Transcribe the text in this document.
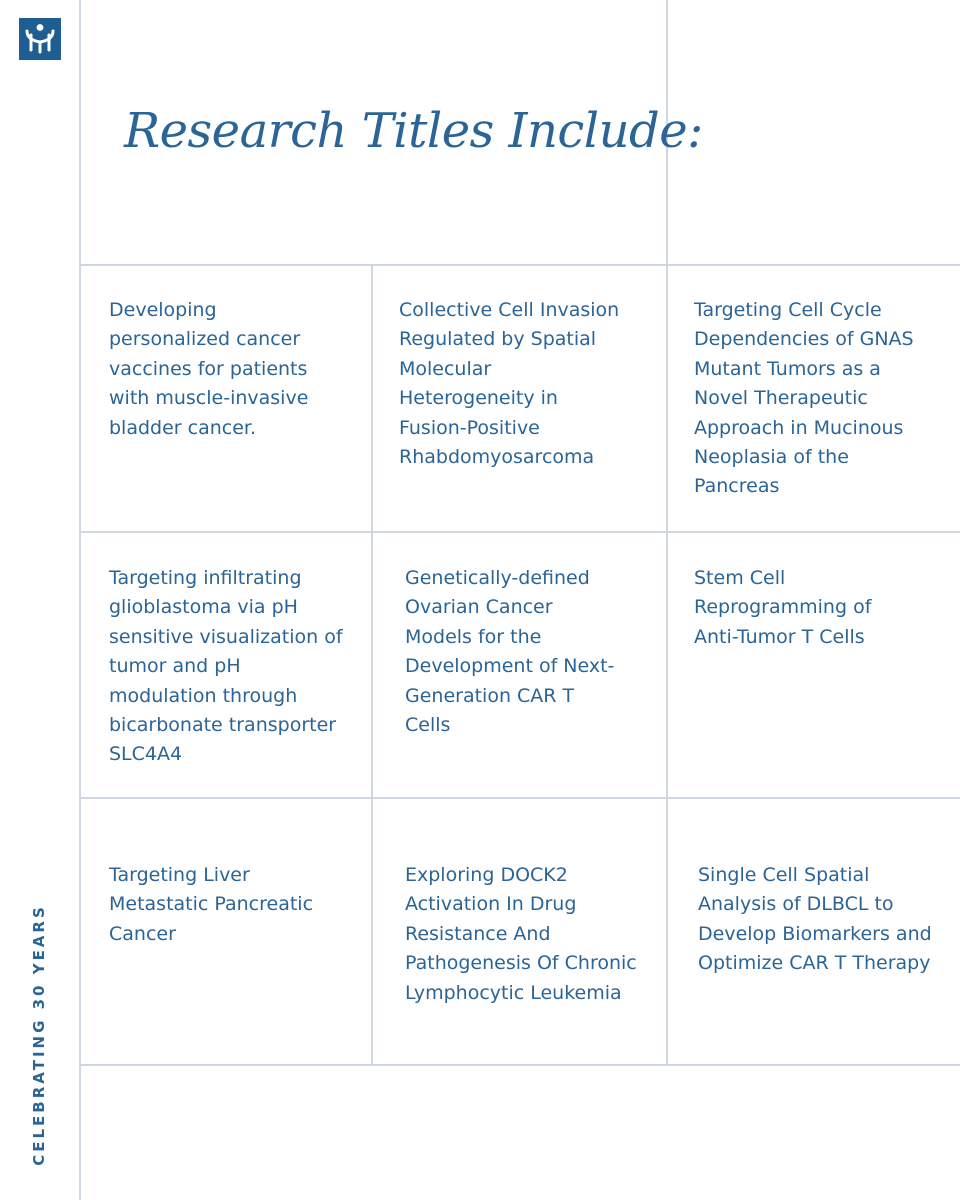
CELEBRATING 30 YEARS
Research Titles Include:

Developing
personalized cancer
vaccines for patients
with muscle-invasive
bladder cancer.

Collective Cell Invasion
Regulated by Spatial
Molecular
Heterogeneity in
Fusion-Positive
Rhabdomyosarcoma

Targeting Cell Cycle
Dependencies of GNAS
Mutant Tumors as a
Novel Therapeutic
Approach in Mucinous
Neoplasia of the
Pancreas

Targeting infiltrating
glioblastoma via pH
sensitive visualization of
tumor and pH
modulation through
bicarbonate transporter
SLC4A4

Genetically-defined
Ovarian Cancer
Models for the
Development of Next-
Generation CAR T
Cells

Stem Cell
Reprogramming of
Anti-Tumor T Cells

Targeting Liver
Metastatic Pancreatic
Cancer

Exploring DOCK2
Activation In Drug
Resistance And
Pathogenesis Of Chronic
Lymphocytic Leukemia

Single Cell Spatial
Analysis of DLBCL to
Develop Biomarkers and
Optimize CAR T Therapy
